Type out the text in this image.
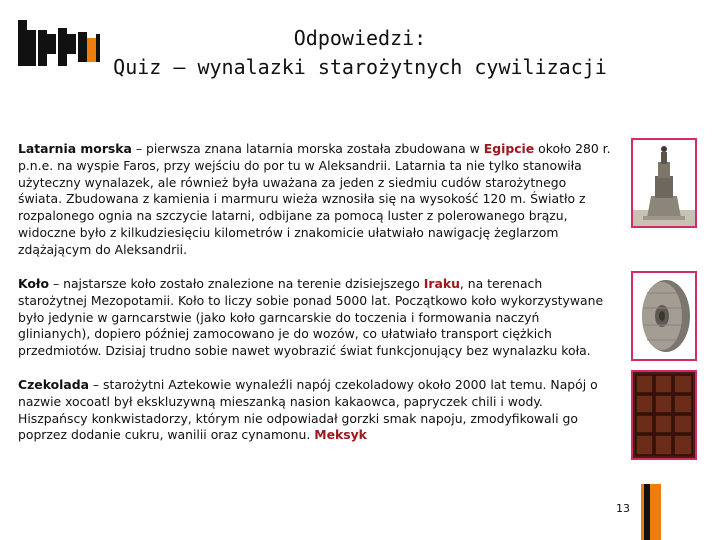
Odpowiedzi:
Quiz – wynalazki starożytnych cywilizacji
Latarnia morska – pierwsza znana latarnia morska została zbudowana w Egipcie około 280 r. p.n.e. na wyspie Faros, przy wejściu do por tu w Aleksandrii. Latarnia ta nie tylko stanowiła użyteczny wynalazek, ale również była uważana za jeden z siedmiu cudów starożytnego świata. Zbudowana z kamienia i marmuru wieża wznosiła się na wysokość 120 m. Światło z rozpalonego ognia na szczycie latarni, odbijane za pomocą luster z polerowanego brązu, widoczne było z kilkudziesięciu kilometrów i znakomicie ułatwiało nawigację żeglarzom zdążającym do Aleksandrii.
Koło – najstarsze koło zostało znalezione na terenie dzisiejszego Iraku, na terenach starożytnej Mezopotamii. Koło to liczy sobie ponad 5000 lat. Początkowo koło wykorzystywane było jedynie w garncarstwie (jako koło garncarskie do toczenia i formowania naczyń glinianych), dopiero później zamocowano je do wozów, co ułatwiało transport ciężkich przedmiotów. Dzisiaj trudno sobie nawet wyobrazić świat funkcjonujący bez wynalazku koła.
Czekolada – starożytni Aztekowie wynaleźli napój czekoladowy około 2000 lat temu. Napój o nazwie xocoatl był ekskluzywną mieszanką nasion kakaowca, papryczek chili i wody. Hiszpańscy konkwistadorzy, którym nie odpowiadał gorzki smak napoju, zmodyfikowali go poprzez dodanie cukru, wanilii oraz cynamonu. Meksyk
13
